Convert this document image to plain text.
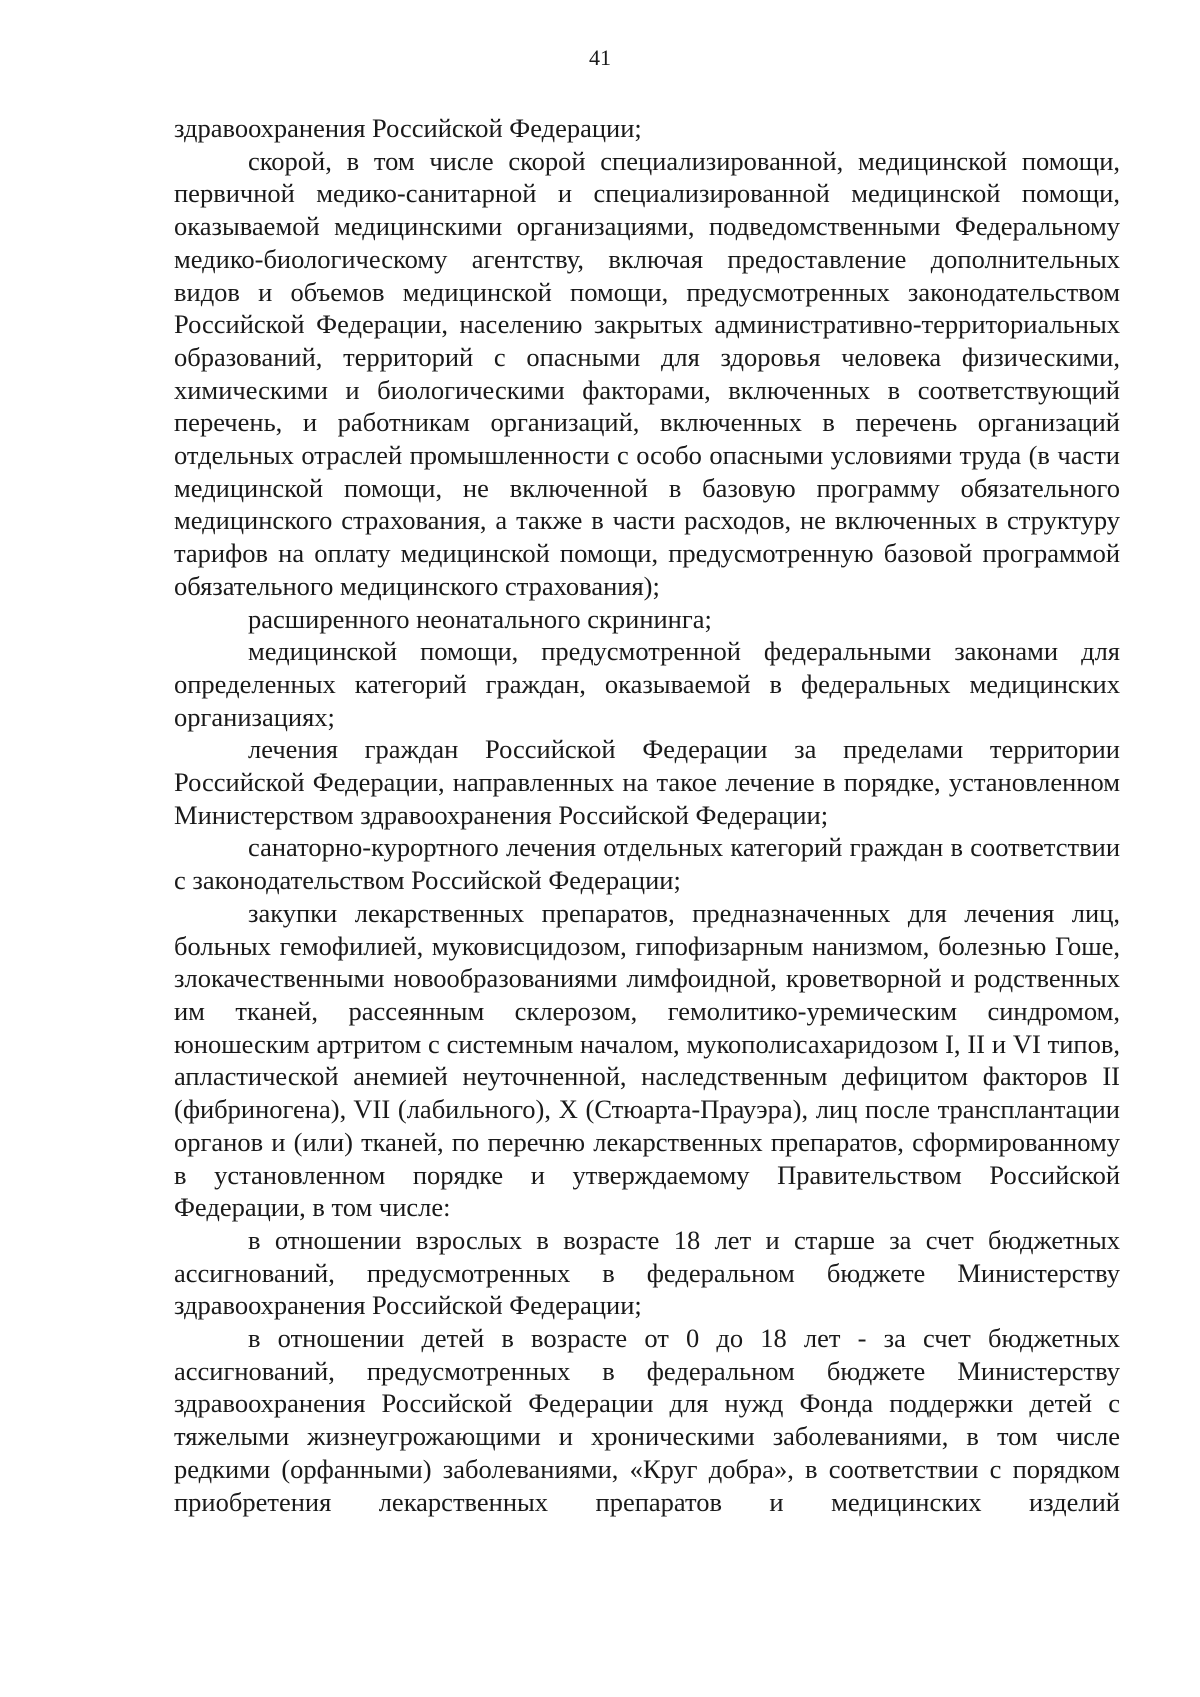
41

здравоохранения Российской Федерации;

скорой, в том числе скорой специализированной, медицинской помощи, первичной медико-санитарной и специализированной медицинской помощи, оказываемой медицинскими организациями, подведомственными Федеральному медико-биологическому агентству, включая предоставление дополнительных видов и объемов медицинской помощи, предусмотренных законодательством Российской Федерации, населению закрытых административно-территориальных образований, территорий с опасными для здоровья человека физическими, химическими и биологическими факторами, включенных в соответствующий перечень, и работникам организаций, включенных в перечень организаций отдельных отраслей промышленности с особо опасными условиями труда (в части медицинской помощи, не включенной в базовую программу обязательного медицинского страхования, а также в части расходов, не включенных в структуру тарифов на оплату медицинской помощи, предусмотренную базовой программой обязательного медицинского страхования);

расширенного неонатального скрининга;

медицинской помощи, предусмотренной федеральными законами для определенных категорий граждан, оказываемой в федеральных медицинских организациях;

лечения граждан Российской Федерации за пределами территории Российской Федерации, направленных на такое лечение в порядке, установленном Министерством здравоохранения Российской Федерации;

санаторно-курортного лечения отдельных категорий граждан в соответствии с законодательством Российской Федерации;

закупки лекарственных препаратов, предназначенных для лечения лиц, больных гемофилией, муковисцидозом, гипофизарным нанизмом, болезнью Гоше, злокачественными новообразованиями лимфоидной, кроветворной и родственных им тканей, рассеянным склерозом, гемолитико-уремическим синдромом, юношеским артритом с системным началом, мукополисахаридозом I, II и VI типов, апластической анемией неуточненной, наследственным дефицитом факторов II (фибриногена), VII (лабильного), X (Стюарта-Прауэра), лиц после трансплантации органов и (или) тканей, по перечню лекарственных препаратов, сформированному в установленном порядке и утверждаемому Правительством Российской Федерации, в том числе:

в отношении взрослых в возрасте 18 лет и старше за счет бюджетных ассигнований, предусмотренных в федеральном бюджете Министерству здравоохранения Российской Федерации;

в отношении детей в возрасте от 0 до 18 лет - за счет бюджетных ассигнований, предусмотренных в федеральном бюджете Министерству здравоохранения Российской Федерации для нужд Фонда поддержки детей с тяжелыми жизнеугрожающими и хроническими заболеваниями, в том числе редкими (орфанными) заболеваниями, «Круг добра», в соответствии с порядком приобретения лекарственных препаратов и медицинских изделий
